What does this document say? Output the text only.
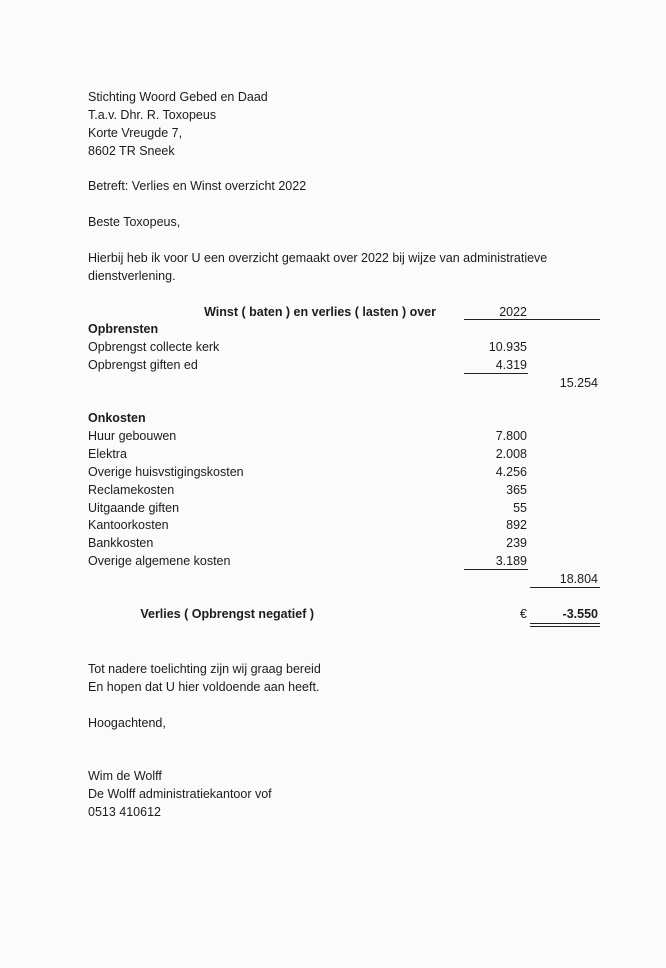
Stichting Woord Gebed en Daad
T.a.v. Dhr. R. Toxopeus
Korte Vreugde 7,
8602 TR Sneek
Betreft: Verlies en Winst overzicht 2022
Beste Toxopeus,
Hierbij heb ik voor U een overzicht gemaakt over 2022 bij wijze van administratieve
dienstverlening.
Winst ( baten ) en verlies ( lasten ) over	2022
Opbrensten
Opbrengst collecte kerk	10.935
Opbrengst giften ed	4.319
15.254
Onkosten
Huur gebouwen	7.800
Elektra	2.008
Overige huisvstigingskosten	4.256
Reclamekosten	365
Uitgaande giften	55
Kantoorkosten	892
Bankkosten	239
Overige algemene kosten	3.189
18.804
Verlies ( Opbrengst negatief )	€	-3.550
Tot nadere toelichting zijn wij graag bereid
En hopen dat U hier voldoende aan heeft.
Hoogachtend,
Wim de Wolff
De Wolff administratiekantoor vof
0513 410612
